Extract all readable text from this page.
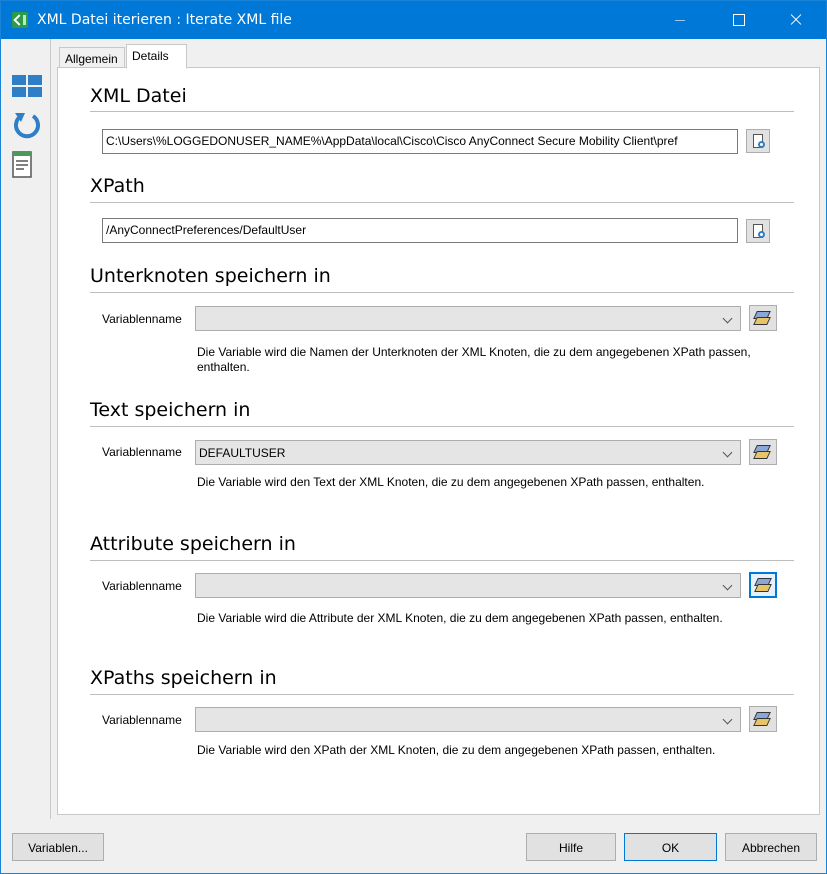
XML Datei iterieren : Iterate XML file
Allgemein	Details
XML Datei
C:\Users\%LOGGEDONUSER_NAME%\AppData\local\Cisco\Cisco AnyConnect Secure Mobility Client\pref
XPath
/AnyConnectPreferences/DefaultUser
Unterknoten speichern in
Variablenname
Die Variable wird die Namen der Unterknoten der XML Knoten, die zu dem angegebenen XPath passen, enthalten.
Text speichern in
Variablenname	DEFAULTUSER
Die Variable wird den Text der XML Knoten, die zu dem angegebenen XPath passen, enthalten.
Attribute speichern in
Variablenname
Die Variable wird die Attribute der XML Knoten, die zu dem angegebenen XPath passen, enthalten.
XPaths speichern in
Variablenname
Die Variable wird den XPath der XML Knoten, die zu dem angegebenen XPath passen, enthalten.
Variablen...	Hilfe	OK	Abbrechen
